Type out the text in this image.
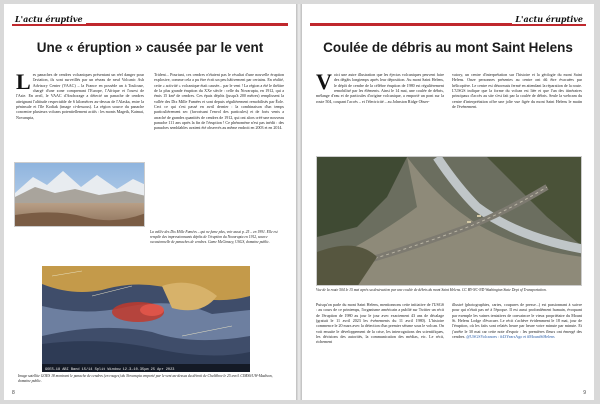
L'actu éruptive
Une « éruption » causée par le vent
Les panaches de cendres volcaniques présentant un réel danger pour l'aviation, ils sont surveillés par un réseau de neuf Volcanic Ash Advisory Center (VAAC) – la France en possède un à Toulouse, chargé d'une zone comprenant l'Europe, l'Afrique et l'ouest de l'Asie. En avril, le VAAC d'Anchorage a détecté un panache de cendres atteignant l'altitude respectable de 6 kilomètres au-dessus de l'Alaska, entre la péninsule et l'île Kodiak (image ci-dessous). La région source du panache concentre plusieurs volcans potentiellement actifs : les monts Mageik, Katmai, Novarupta,
La vallée des Dix Mille Fumées – qui ne fume plus, voir aussi p. 25 – en 1991. Elle est remplie des impressionnants dépôts de l'éruption du Novarupta en 1912, source occasionnelle de panaches de cendres. Game McGimsey, USGS, domaine public.
Trident... Pourtant, ces cendres n'étaient pas le résultat d'une nouvelle éruption explosive, comme cela a pu être écrit un peu hâtivement par certains. En réalité, cette « activité » volcanique était causée... par le vent ! La région a été le théâtre de la plus grande éruption du XXe siècle : celle du Novarupta, en 1912, qui a émis 15 km³ de cendres. Ces épais dépôts (jusqu'à 200 mètres) remplissent la vallée des Dix Mille Fumées et sont depuis régulièrement remobilisés par Éole. Ceci ce qui s'est passé en avril dernier : la combinaison d'un temps particulièrement sec (favorisant l'envol des particules) et de forts vents a arraché de grandes quantités de cendres de 1912, qui ont alors créé une nouveau panache 111 ans après la fin de l'éruption ! Ce phénomène n'est pas inédit : des panaches semblables avaient été observés au même endroit en 2003 et en 2014.
GOES-18 ABI Band 15/14 Split Window 12.3–10.35μm 25 Apr 2023
Image satellite GOES 18 montrant le panache de cendres (en rouges) du Novarupta emporté par le vent au-dessus du détroit de Chelikhov le 25 avril. CIMSS/UW-Madison, domaine public.
8
L'actu éruptive
Coulée de débris au mont Saint Helens
Voici une autre illustration que les éjectas volcaniques peuvent faire des dégâts longtemps après leur déposition. Au mont Saint Helens, le dépôt de cendre de la célèbre éruption de 1980 est régulièrement remobilisé par les éléments. Ainsi le 14 mai, une coulée de débris, mélange d'eau et de particules d'origine volcanique, a emporté un pont sur la route 504, coupant l'accès – et l'électricité – au Johnston Ridge Obser-
vatory, un centre d'interprétation sur l'histoire et la géologie du mont Saint Helens. Onze personnes présentes au centre ont dû être évacuées par hélicoptère. Le centre est désormais fermé en attendant la réparation de la route. L'USGS indique que la forme du volcan est liée et que l'un des itinéraires principaux d'accès au site s'est fait par la coulée de débris. Seule la webcam du centre d'interprétation offre une jolie vue figée du mont Saint Helens le matin de l'événement.
Vue de la route 504 le 15 mai après sa destruction par une coulée de débris du mont Saint Helens. CC BY-NC-ND Washington State Dept of Transportation.
Puisqu'on parle du mont Saint Helens, mentionnons cette initiative de l'USGS : au cours de ce printemps, l'organisme américain a publié sur Twitter un récit de l'éruption de 1980 au jour le jour avec exactement 43 ans de décalage (gratuit le 11 avril 2023 les événements du 11 avril 1980). L'histoire commence le 20 mars avec la détection d'un premier séisme sous le volcan. On voit ensuite le développement de la crise, les interrogations des scientifiques, les décisions des autorités, la communication des médias, etc. Le récit, richement
illustré (photographies, cartes, coupures de presse...) est passionnant à suivre pour qui n'était pas né à l'époque. Il est aussi profondément humain, évoquant par exemple les vaines tentatives de convaincre le vieux propriétaire du Mount St. Helens Lodge d'évacuer. Le récit s'achève évidemment le 18 mai, jour de l'éruption, où les faits sont relatés heure par heure votre minute par minute. Et j'arrête le 30 mai car cette note d'espoir : les premières fleurs ont émergé des cendres. @USGSVolcanoes : #43YearsAgo et #MountStHelens
9
